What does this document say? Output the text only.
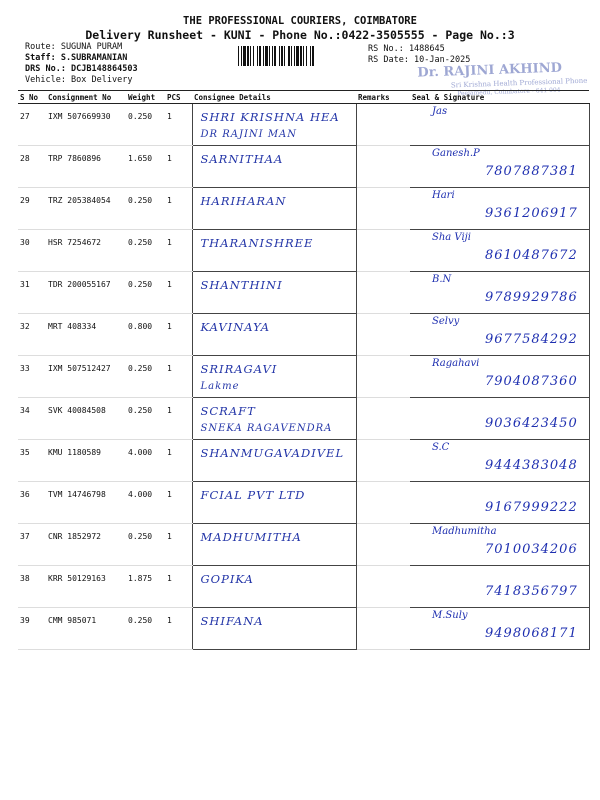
THE PROFESSIONAL COURIERS, COIMBATORE
Delivery Runsheet - KUNI - Phone No.:0422-3505555 - Page No.:3
Route: SUGUNA PURAM
Staff: S.SUBRAMANIAN
DRS No.: DCJB148864503
Vehicle: Box Delivery
RS No.: 1488645
RS Date: 10-Jan-2025
Dr. RAJINI AKHIND
Sri Krishna Health Professional Phone
Peelamedu, Coimbatore - 641 004
S No	Consignment No	Weight	PCS	Consignee Details	Remarks	Seal & Signature
27	IXM 507669930	0.250	1	SHRI KRISHNA HEA
DR RAJINI MAN		Jas

28	TRP 7860896	1.650	1	SARNITHAA		Ganesh.P
7807887381

29	TRZ 205384054	0.250	1	HARIHARAN		Hari
9361206917

30	HSR 7254672	0.250	1	THARANISHREE		Sha Viji
8610487672

31	TDR 200055167	0.250	1	SHANTHINI		B.N
9789929786

32	MRT 408334	0.800	1	KAVINAYA		Selvy
9677584292

33	IXM 507512427	0.250	1	SRIRAGAVI
Lakme		Ragahavi
7904087360

34	SVK 40084508	0.250	1	SCRAFT
SNEKA RAGAVENDRA		9036423450

35	KMU 1180589	4.000	1	SHANMUGAVADIVEL		S.C
9444383048

36	TVM 14746798	4.000	1	FCIAL PVT LTD		9167999222

37	CNR 1852972	0.250	1	MADHUMITHA		Madhumitha
7010034206

38	KRR 50129163	1.875	1	GOPIKA		7418356797

39	CMM 985071	0.250	1	SHIFANA		M.Suly
9498068171
